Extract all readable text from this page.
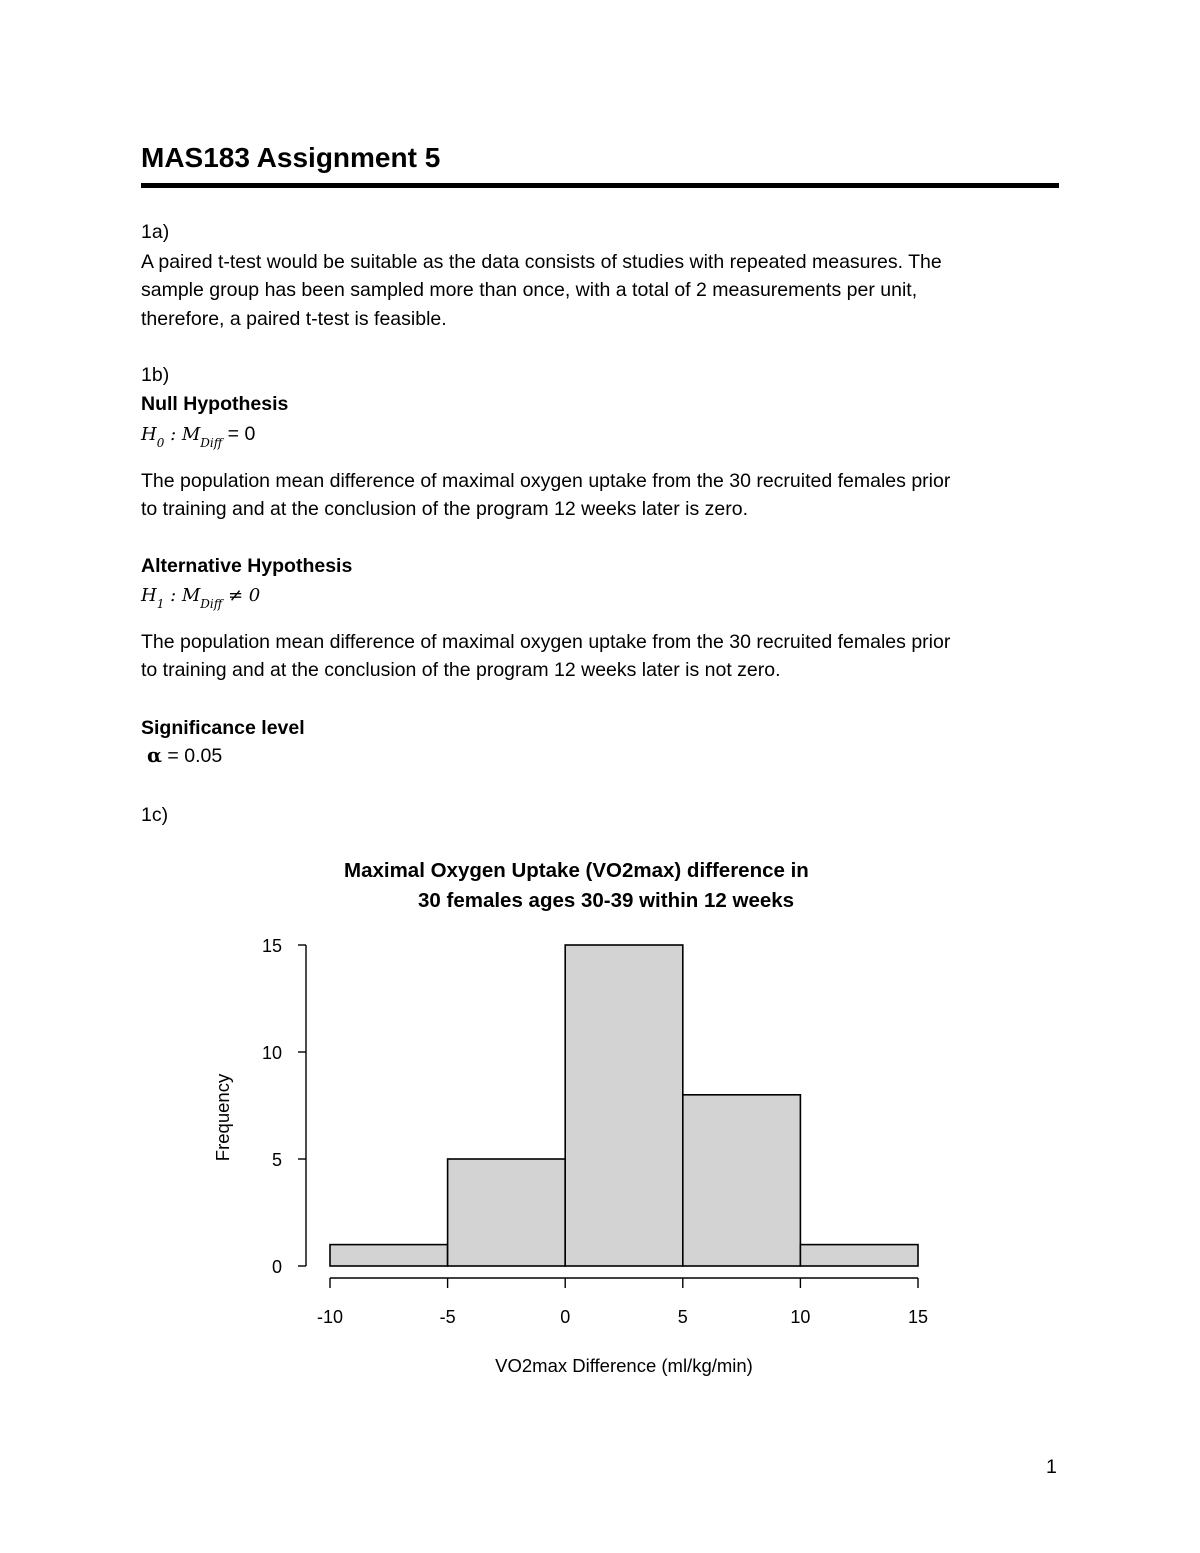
MAS183 Assignment 5
1a)
A paired t-test would be suitable as the data consists of studies with repeated measures. The
sample group has been sampled more than once, with a total of 2 measurements per unit,
therefore, a paired t-test is feasible.
1b)
Null Hypothesis
$H_0$ : $M_{Diff} = 0$
The population mean difference of maximal oxygen uptake from the 30 recruited females prior
to training and at the conclusion of the program 12 weeks later is zero.
Alternative Hypothesis
$H_1$ : $M_{Diff} \ne 0$
The population mean difference of maximal oxygen uptake from the 30 recruited females prior
to training and at the conclusion of the program 12 weeks later is not zero.
Significance level
α = 0.05
1c)
Maximal Oxygen Uptake (VO2max) difference in
30 females ages 30-39 within 12 weeks
0
5
10
15
Frequency
-10	-5	0	5	10	15
VO2max Difference (ml/kg/min)
1
